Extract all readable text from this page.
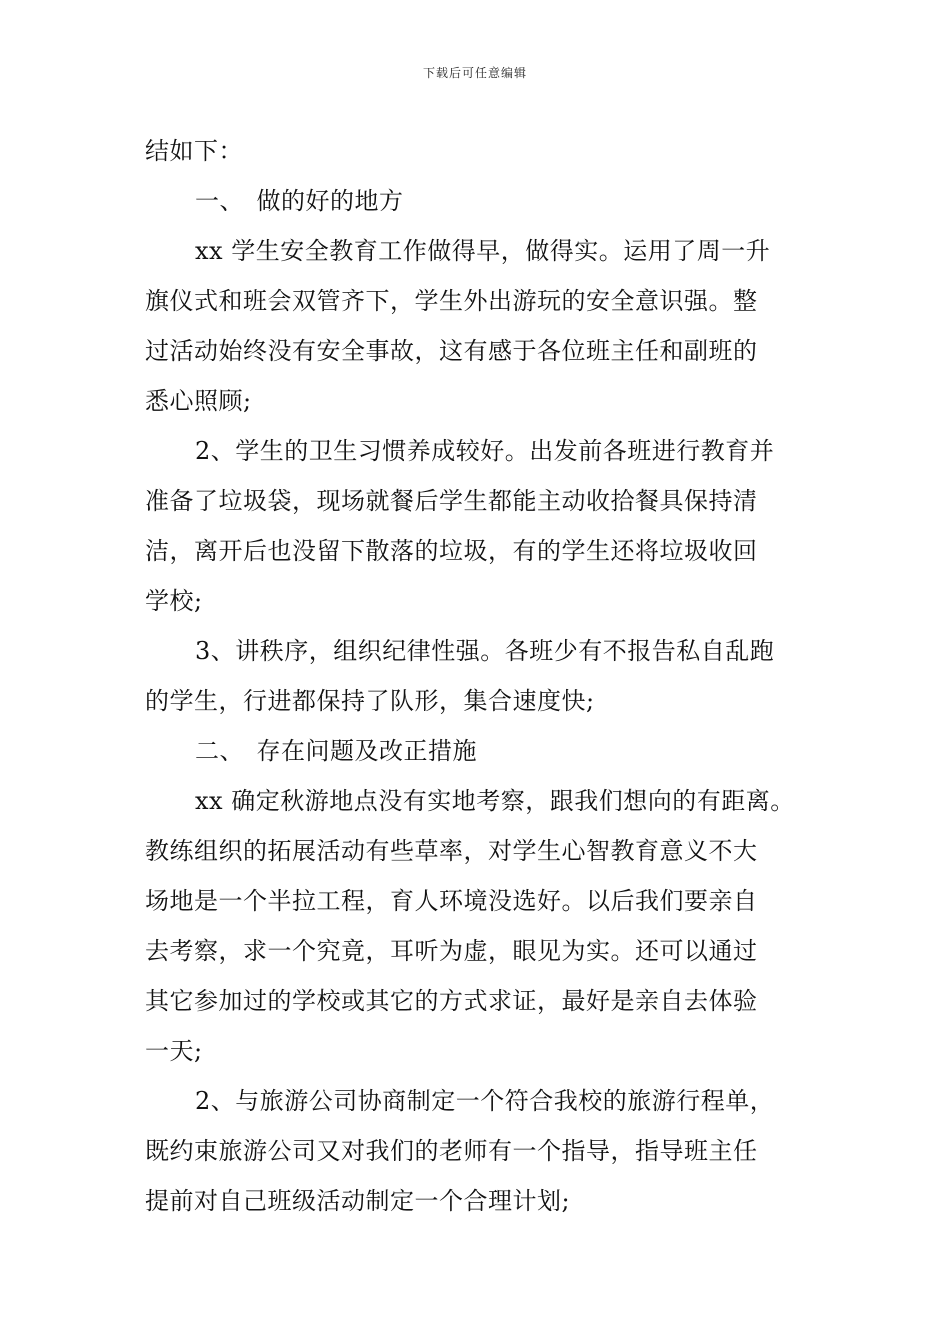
下载后可任意编辑
结如下：
一、　做的好的地方
xx 学生安全教育工作做得早，做得实。运用了周一升
旗仪式和班会双管齐下，学生外出游玩的安全意识强。整
过活动始终没有安全事故，这有感于各位班主任和副班的
悉心照顾;
2、学生的卫生习惯养成较好。出发前各班进行教育并
准备了垃圾袋，现场就餐后学生都能主动收拾餐具保持清
洁，离开后也没留下散落的垃圾，有的学生还将垃圾收回
学校;
3、讲秩序，组织纪律性强。各班少有不报告私自乱跑
的学生，行进都保持了队形，集合速度快;
二、　存在问题及改正措施
xx 确定秋游地点没有实地考察，跟我们想向的有距离。
教练组织的拓展活动有些草率，对学生心智教育意义不大
场地是一个半拉工程，育人环境没选好。以后我们要亲自
去考察，求一个究竟，耳听为虚，眼见为实。还可以通过
其它参加过的学校或其它的方式求证，最好是亲自去体验
一天;
2、与旅游公司协商制定一个符合我校的旅游行程单，
既约束旅游公司又对我们的老师有一个指导，指导班主任
提前对自己班级活动制定一个合理计划;
